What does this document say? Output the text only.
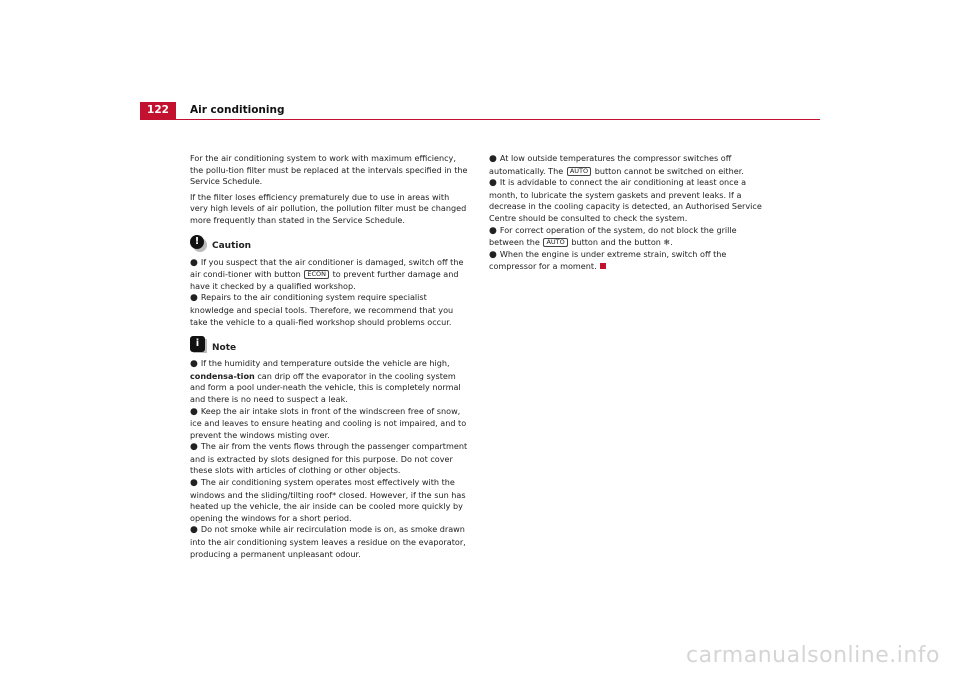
122	Air conditioning

For the air conditioning system to work with maximum efficiency, the pollu-tion filter must be replaced at the intervals specified in the Service Schedule.

If the filter loses efficiency prematurely due to use in areas with very high levels of air pollution, the pollution filter must be changed more frequently than stated in the Service Schedule.

!	Caution
● If you suspect that the air conditioner is damaged, switch off the air condi-tioner with button ECON to prevent further damage and have it checked by a qualified workshop.
● Repairs to the air conditioning system require specialist knowledge and special tools. Therefore, we recommend that you take the vehicle to a quali-fied workshop should problems occur.
i	Note
● If the humidity and temperature outside the vehicle are high, condensa-tion can drip off the evaporator in the cooling system and form a pool under-neath the vehicle, this is completely normal and there is no need to suspect a leak.
● Keep the air intake slots in front of the windscreen free of snow, ice and leaves to ensure heating and cooling is not impaired, and to prevent the windows misting over.
● The air from the vents flows through the passenger compartment and is extracted by slots designed for this purpose. Do not cover these slots with articles of clothing or other objects.
● The air conditioning system operates most effectively with the windows and the sliding/tilting roof* closed. However, if the sun has heated up the vehicle, the air inside can be cooled more quickly by opening the windows for a short period.
● Do not smoke while air recirculation mode is on, as smoke drawn into the air conditioning system leaves a residue on the evaporator, producing a permanent unpleasant odour.
● At low outside temperatures the compressor switches off automatically. The AUTO button cannot be switched on either.
● It is advidable to connect the air conditioning at least once a month, to lubricate the system gaskets and prevent leaks. If a decrease in the cooling capacity is detected, an Authorised Service Centre should be consulted to check the system.
● For correct operation of the system, do not block the grille between the AUTO button and the button ❄.
● When the engine is under extreme strain, switch off the compressor for a moment.
carmanualsonline.info
